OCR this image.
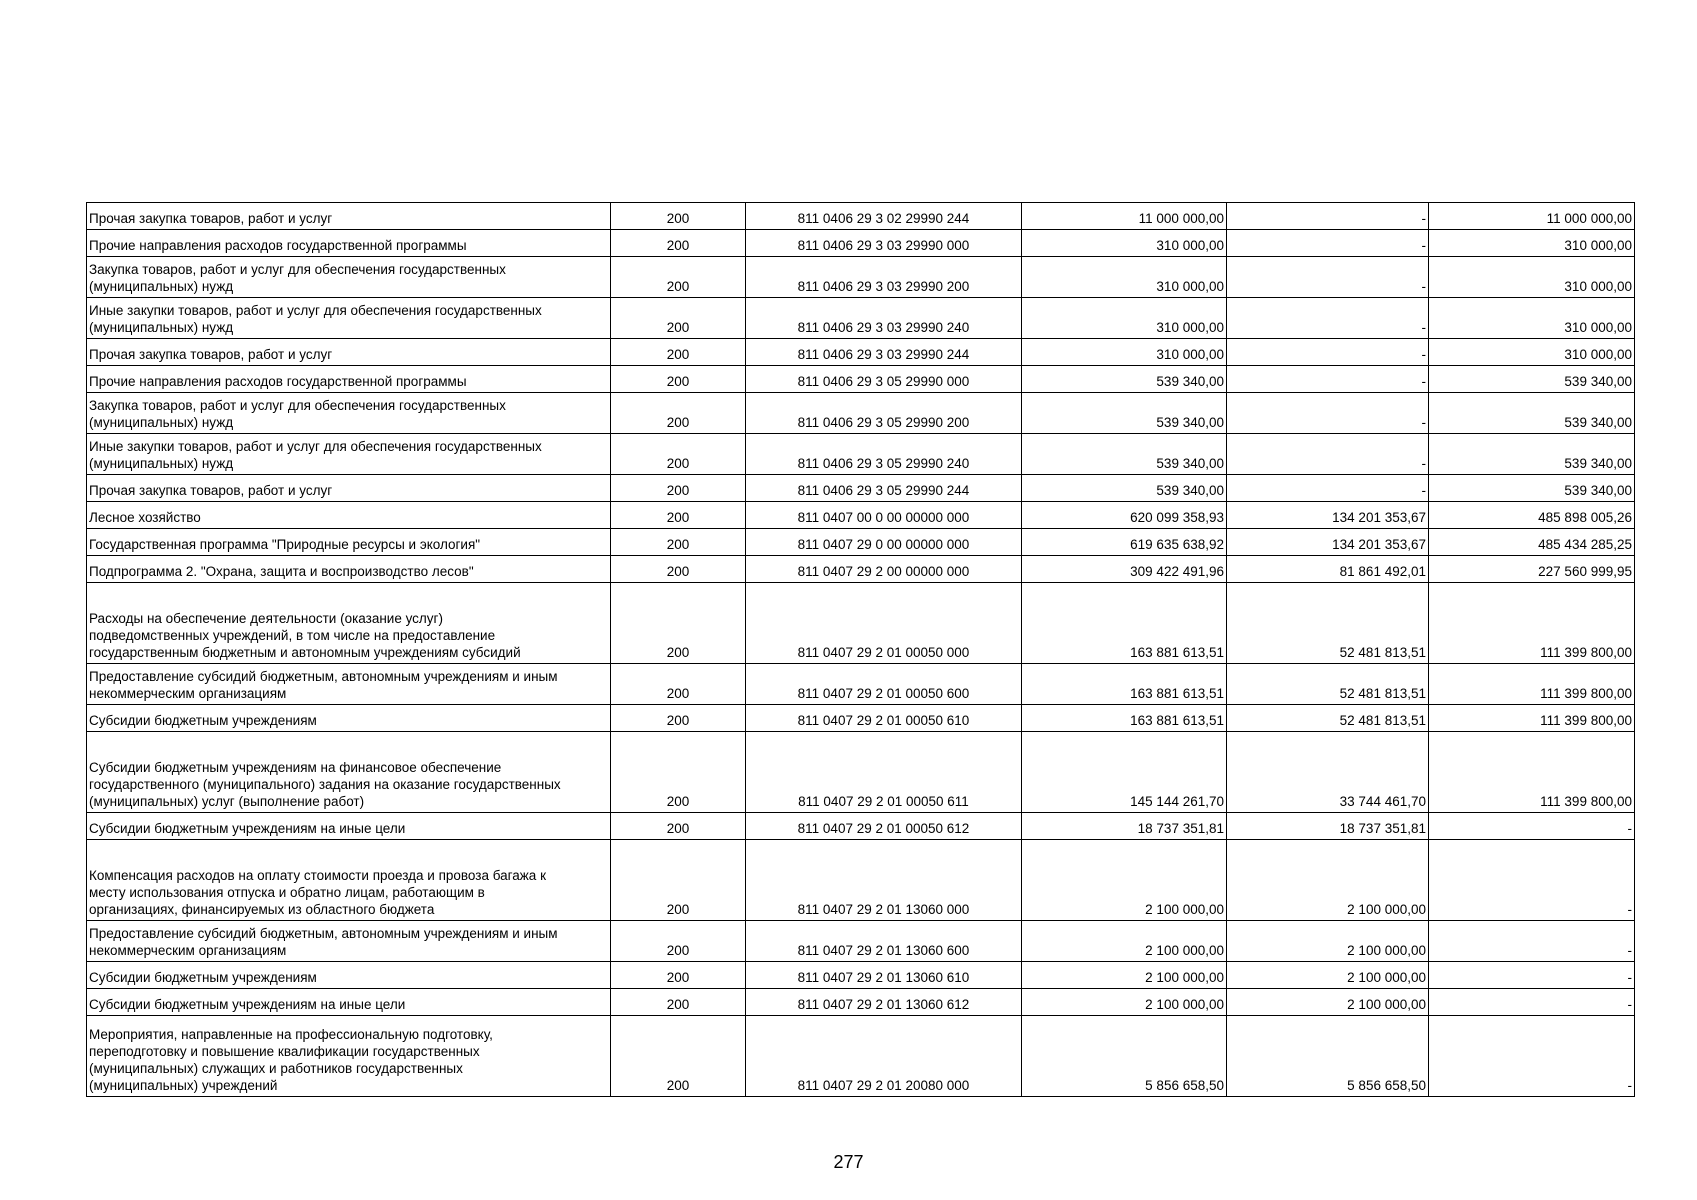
Прочая закупка товаров, работ и услуг	200	811 0406 29 3 02 29990 244	11 000 000,00	-	11 000 000,00

Прочие направления расходов государственной программы	200	811 0406 29 3 03 29990 000	310 000,00	-	310 000,00

Закупка товаров, работ и услуг для обеспечения государственных
(муниципальных) нужд	200	811 0406 29 3 03 29990 200	310 000,00	-	310 000,00

Иные закупки товаров, работ и услуг для обеспечения государственных
(муниципальных) нужд	200	811 0406 29 3 03 29990 240	310 000,00	-	310 000,00

Прочая закупка товаров, работ и услуг	200	811 0406 29 3 03 29990 244	310 000,00	-	310 000,00

Прочие направления расходов государственной программы	200	811 0406 29 3 05 29990 000	539 340,00	-	539 340,00

Закупка товаров, работ и услуг для обеспечения государственных
(муниципальных) нужд	200	811 0406 29 3 05 29990 200	539 340,00	-	539 340,00

Иные закупки товаров, работ и услуг для обеспечения государственных
(муниципальных) нужд	200	811 0406 29 3 05 29990 240	539 340,00	-	539 340,00

Прочая закупка товаров, работ и услуг	200	811 0406 29 3 05 29990 244	539 340,00	-	539 340,00

Лесное хозяйство	200	811 0407 00 0 00 00000 000	620 099 358,93	134 201 353,67	485 898 005,26

Государственная программа "Природные ресурсы и экология"	200	811 0407 29 0 00 00000 000	619 635 638,92	134 201 353,67	485 434 285,25

Подпрограмма 2. "Охрана, защита и воспроизводство лесов"	200	811 0407 29 2 00 00000 000	309 422 491,96	81 861 492,01	227 560 999,95

Расходы на обеспечение деятельности (оказание услуг)
подведомственных учреждений, в том числе на предоставление
государственным бюджетным и автономным учреждениям субсидий	200	811 0407 29 2 01 00050 000	163 881 613,51	52 481 813,51	111 399 800,00

Предоставление субсидий бюджетным, автономным учреждениям и иным
некоммерческим организациям	200	811 0407 29 2 01 00050 600	163 881 613,51	52 481 813,51	111 399 800,00

Субсидии бюджетным учреждениям	200	811 0407 29 2 01 00050 610	163 881 613,51	52 481 813,51	111 399 800,00

Субсидии бюджетным учреждениям на финансовое обеспечение
государственного (муниципального) задания на оказание государственных
(муниципальных) услуг (выполнение работ)	200	811 0407 29 2 01 00050 611	145 144 261,70	33 744 461,70	111 399 800,00

Субсидии бюджетным учреждениям на иные цели	200	811 0407 29 2 01 00050 612	18 737 351,81	18 737 351,81	-

Компенсация расходов на оплату стоимости проезда и провоза багажа к
месту использования отпуска и обратно лицам, работающим в
организациях, финансируемых из областного бюджета	200	811 0407 29 2 01 13060 000	2 100 000,00	2 100 000,00	-

Предоставление субсидий бюджетным, автономным учреждениям и иным
некоммерческим организациям	200	811 0407 29 2 01 13060 600	2 100 000,00	2 100 000,00	-

Субсидии бюджетным учреждениям	200	811 0407 29 2 01 13060 610	2 100 000,00	2 100 000,00	-

Субсидии бюджетным учреждениям на иные цели	200	811 0407 29 2 01 13060 612	2 100 000,00	2 100 000,00	-

Мероприятия, направленные на профессиональную подготовку,
переподготовку и повышение квалификации государственных
(муниципальных) служащих и работников государственных
(муниципальных) учреждений	200	811 0407 29 2 01 20080 000	5 856 658,50	5 856 658,50	-
277
